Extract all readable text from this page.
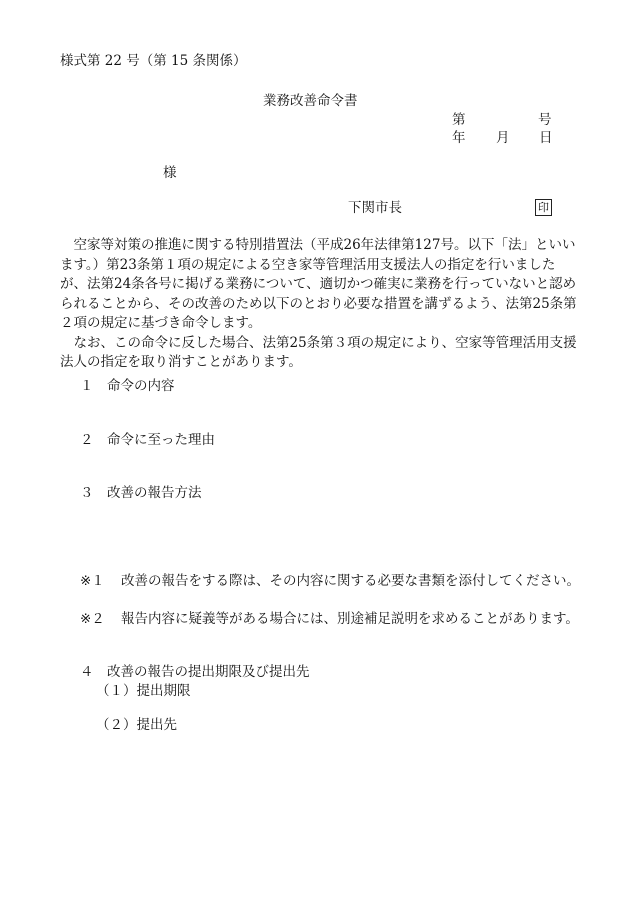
様式第 22 号（第 15 条関係）
業務改善命令書
第	号
年 月 日
様
下関市長	印

空家等対策の推進に関する特別措置法（平成26年法律第127号。以下「法」といいます。）第23条第１項の規定による空き家等管理活用支援法人の指定を行いましたが、法第24条各号に掲げる業務について、適切かつ確実に業務を行っていないと認められることから、その改善のため以下のとおり必要な措置を講ずるよう、法第25条第２項の規定に基づき命令します。

なお、この命令に反した場合、法第25条第３項の規定により、空家等管理活用支援法人の指定を取り消すことがあります。

１　命令の内容
２　命令に至った理由
３　改善の報告方法
※１	改善の報告をする際は、その内容に関する必要な書類を添付してください。
※２	報告内容に疑義等がある場合には、別途補足説明を求めることがあります。
４　改善の報告の提出期限及び提出先
（１）提出期限
（２）提出先
